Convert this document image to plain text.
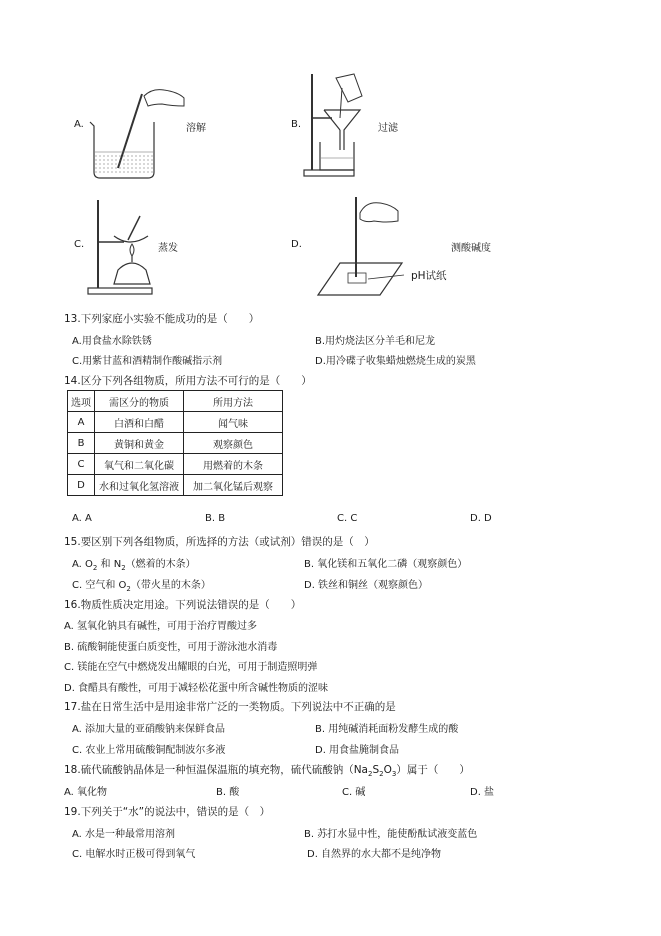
A.	溶解	B.	过滤
C.	蒸发	D.
pH试纸
测酸碱度
13.下列家庭小实验不能成功的是（　　）
A.用食盐水除铁锈	B.用灼烧法区分羊毛和尼龙
C.用紫甘蓝和酒精制作酸碱指示剂	D.用冷碟子收集蜡烛燃烧生成的炭黑
14.区分下列各组物质，所用方法不可行的是（　　）
选项	需区分的物质	所用方法
A	白酒和白醋	闻气味
B	黄铜和黄金	观察颜色
C	氧气和二氧化碳	用燃着的木条
D	水和过氧化氢溶液	加二氧化锰后观察
A. A	B. B	C. C	D. D
15.要区别下列各组物质，所选择的方法（或试剂）错误的是（　）
A. $O_2$ 和 $N_2$（燃着的木条）	B. 氧化镁和五氧化二磷（观察颜色）
C. 空气和 $O_2$（带火星的木条）	D. 铁丝和铜丝（观察颜色）
16.物质性质决定用途。下列说法错误的是（　　）
A. 氢氧化钠具有碱性，可用于治疗胃酸过多
B. 硫酸铜能使蛋白质变性，可用于游泳池水消毒
C. 镁能在空气中燃烧发出耀眼的白光，可用于制造照明弹
D. 食醋具有酸性，可用于减轻松花蛋中所含碱性物质的涩味
17.盐在日常生活中是用途非常广泛的一类物质。下列说法中不正确的是
A. 添加大量的亚硝酸钠来保鲜食品	B. 用纯碱消耗面粉发酵生成的酸
C. 农业上常用硫酸铜配制波尔多液	D. 用食盐腌制食品
18.硫代硫酸钠晶体是一种恒温保温瓶的填充物，硫代硫酸钠$(Na_2S_2O_3)$属于（　　）
A. 氧化物	B. 酸	C. 碱	D. 盐
19.下列关于“水”的说法中，错误的是（　）
A. 水是一种最常用溶剂	B. 苏打水显中性，能使酚酞试液变蓝色
C. 电解水时正极可得到氧气	D. 自然界的水大都不是纯净物
